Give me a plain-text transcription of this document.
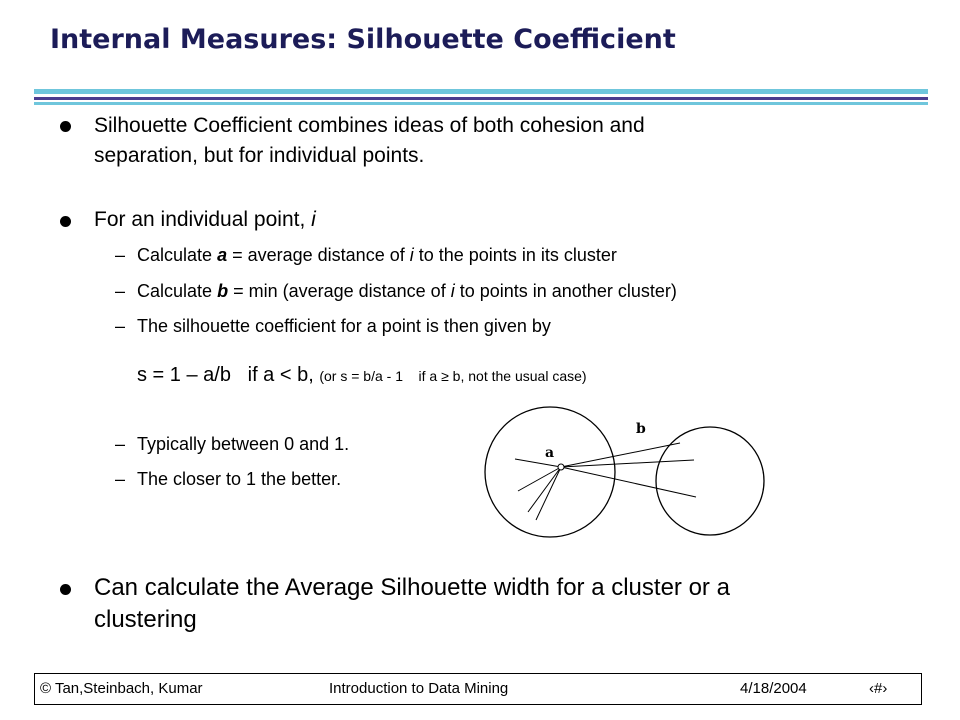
Internal Measures: Silhouette Coefficient
Silhouette Coefficient combines ideas of both cohesion and
separation, but for individual points.
For an individual point, i
– Calculate a = average distance of i to the points in its cluster
– Calculate b = min (average distance of i to points in another cluster)
– The silhouette coefficient for a point is then given by
s = 1 – a/b   if a < b, (or s = b/a - 1    if a ≥ b, not the usual case)
– Typically between 0 and 1.
– The closer to 1 the better.
a
b
Can calculate the Average Silhouette width for a cluster or a
clustering
© Tan,Steinbach, Kumar	Introduction to Data Mining	4/18/2004	‹#›
